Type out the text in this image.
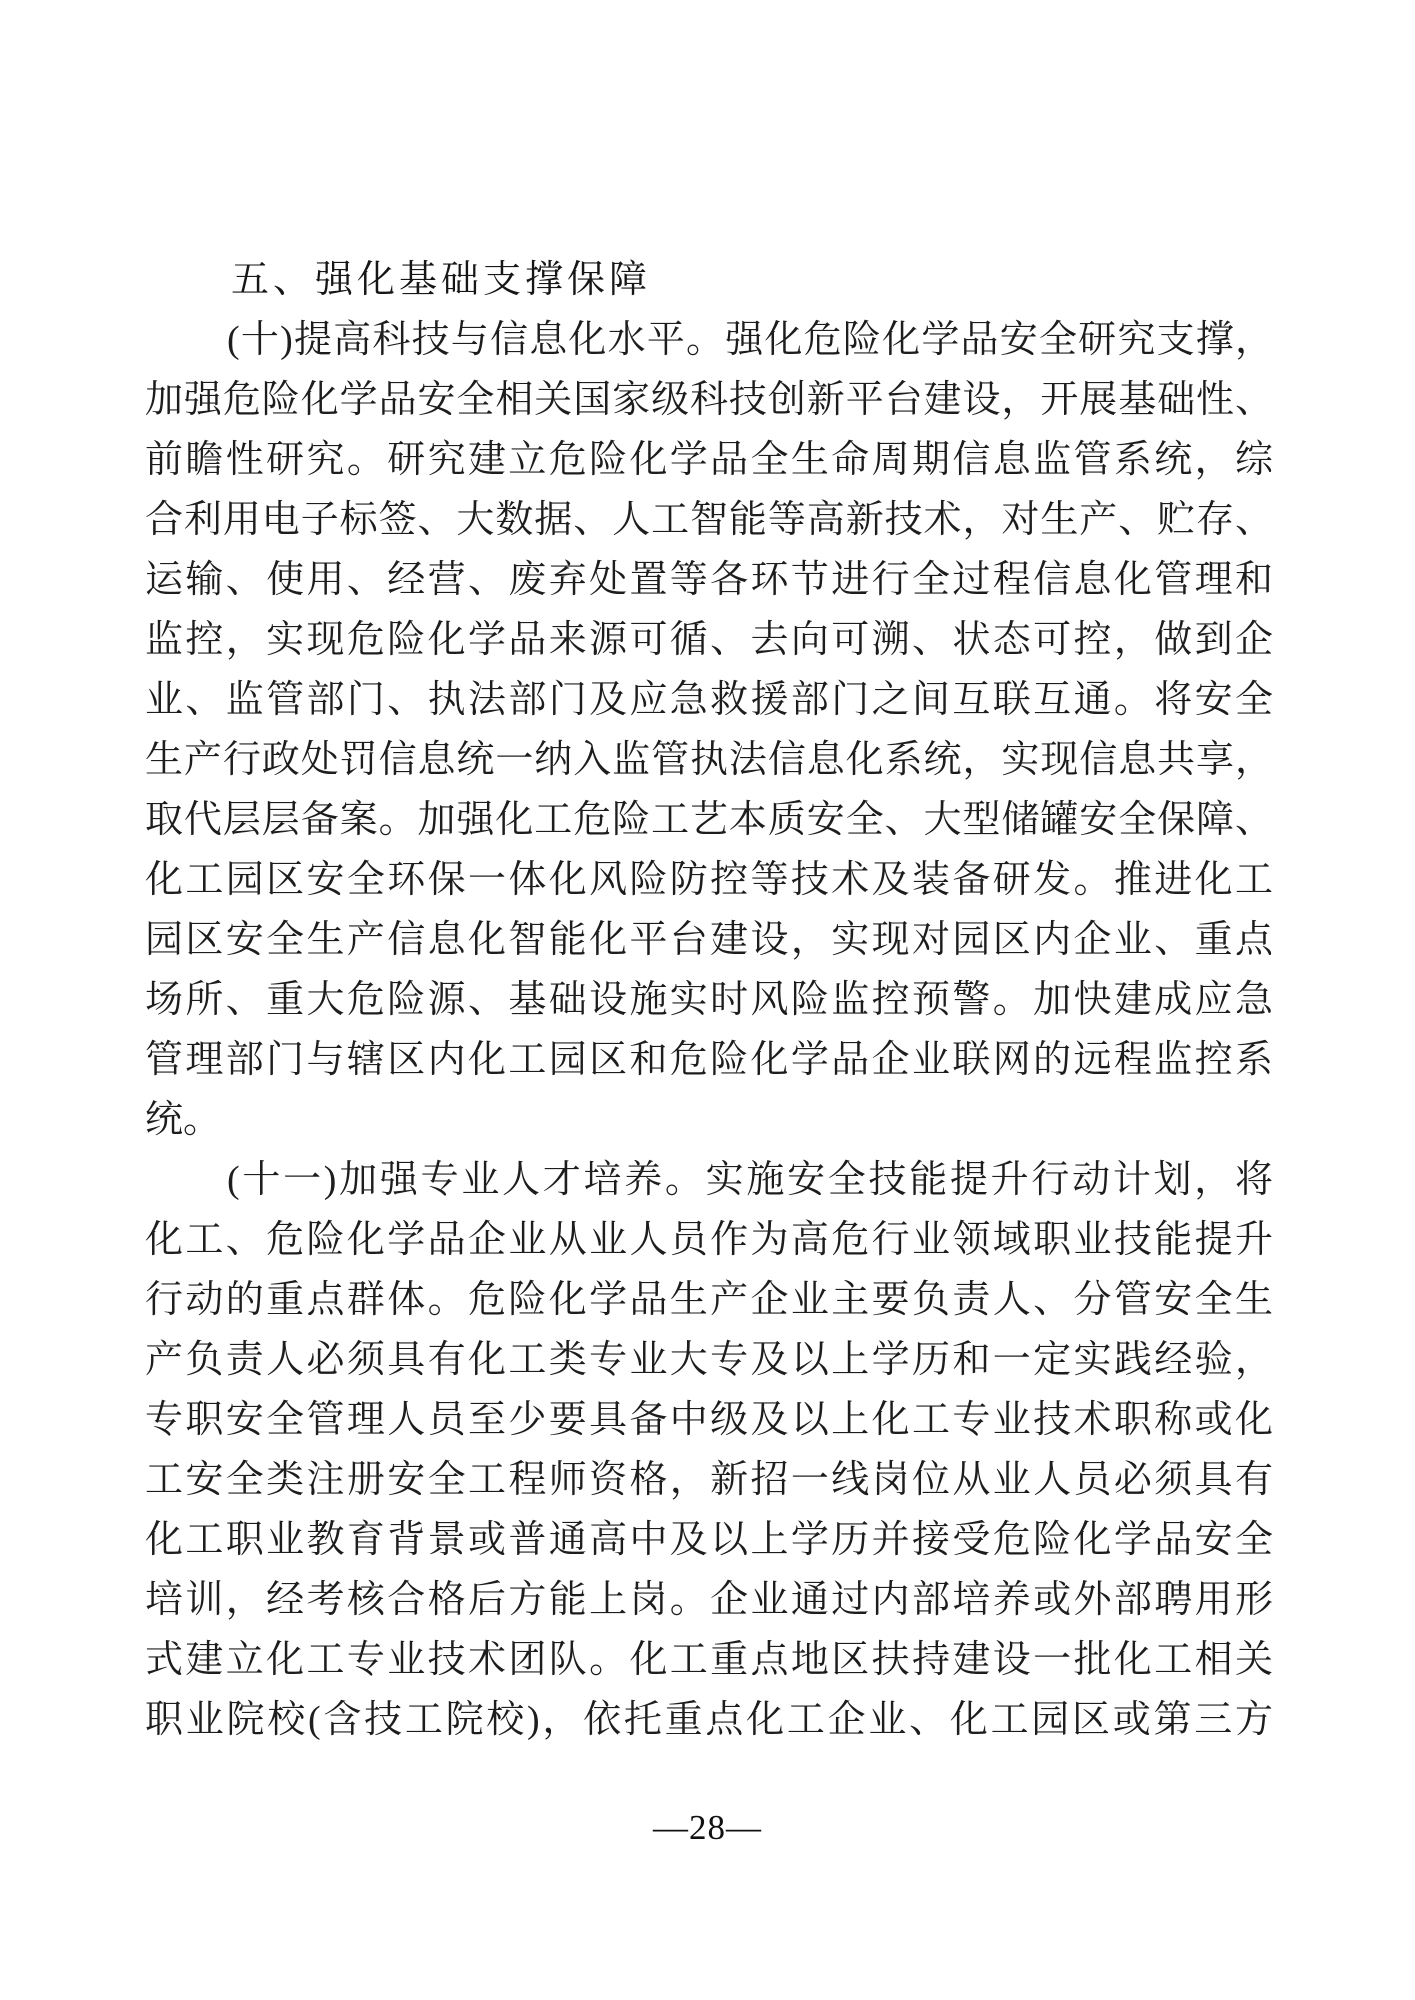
五、强化基础支撑保障
(十)提高科技与信息化水平。强化危险化学品安全研究支撑，
加强危险化学品安全相关国家级科技创新平台建设，开展基础性、
前瞻性研究。研究建立危险化学品全生命周期信息监管系统，综
合利用电子标签、大数据、人工智能等高新技术，对生产、贮存、
运输、使用、经营、废弃处置等各环节进行全过程信息化管理和
监控，实现危险化学品来源可循、去向可溯、状态可控，做到企
业、监管部门、执法部门及应急救援部门之间互联互通。将安全
生产行政处罚信息统一纳入监管执法信息化系统，实现信息共享，
取代层层备案。加强化工危险工艺本质安全、大型储罐安全保障、
化工园区安全环保一体化风险防控等技术及装备研发。推进化工
园区安全生产信息化智能化平台建设，实现对园区内企业、重点
场所、重大危险源、基础设施实时风险监控预警。加快建成应急
管理部门与辖区内化工园区和危险化学品企业联网的远程监控系
统。
(十一)加强专业人才培养。实施安全技能提升行动计划，将
化工、危险化学品企业从业人员作为高危行业领域职业技能提升
行动的重点群体。危险化学品生产企业主要负责人、分管安全生
产负责人必须具有化工类专业大专及以上学历和一定实践经验，
专职安全管理人员至少要具备中级及以上化工专业技术职称或化
工安全类注册安全工程师资格，新招一线岗位从业人员必须具有
化工职业教育背景或普通高中及以上学历并接受危险化学品安全
培训，经考核合格后方能上岗。企业通过内部培养或外部聘用形
式建立化工专业技术团队。化工重点地区扶持建设一批化工相关
职业院校(含技工院校)，依托重点化工企业、化工园区或第三方
—28—
